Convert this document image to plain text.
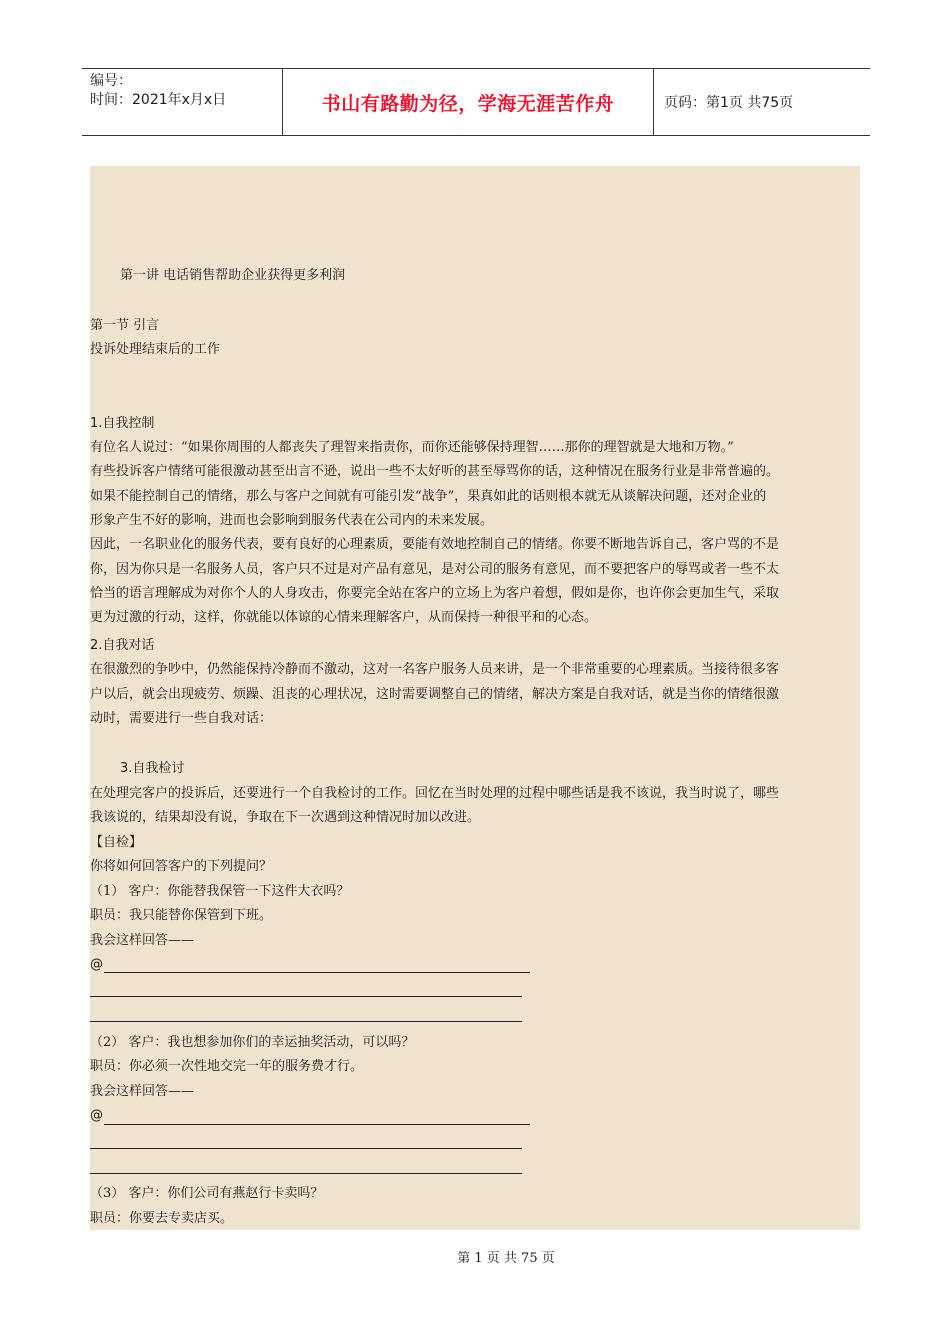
编号：
时间：2021年x月x日	书山有路勤为径，学海无涯苦作舟	页码：第1页 共75页
第一讲 电话销售帮助企业获得更多利润
第一节 引言
投诉处理结束后的工作
1.自我控制
有位名人说过：“如果你周围的人都丧失了理智来指责你，而你还能够保持理智……那你的理智就是大地和万物。”
有些投诉客户情绪可能很激动甚至出言不逊，说出一些不太好听的甚至辱骂你的话，这种情况在服务行业是非常普遍的。
如果不能控制自己的情绪，那么与客户之间就有可能引发“战争”，果真如此的话则根本就无从谈解决问题，还对企业的
形象产生不好的影响，进而也会影响到服务代表在公司内的未来发展。
因此，一名职业化的服务代表，要有良好的心理素质，要能有效地控制自己的情绪。你要不断地告诉自己，客户骂的不是
你，因为你只是一名服务人员，客户只不过是对产品有意见，是对公司的服务有意见，而不要把客户的辱骂或者一些不太
恰当的语言理解成为对你个人的人身攻击，你要完全站在客户的立场上为客户着想，假如是你，也许你会更加生气，采取
更为过激的行动，这样，你就能以体谅的心情来理解客户，从而保持一种很平和的心态。
2.自我对话
在很激烈的争吵中，仍然能保持冷静而不激动，这对一名客户服务人员来讲，是一个非常重要的心理素质。当接待很多客
户以后，就会出现疲劳、烦躁、沮丧的心理状况，这时需要调整自己的情绪，解决方案是自我对话，就是当你的情绪很激
动时，需要进行一些自我对话：
3.自我检讨
在处理完客户的投诉后，还要进行一个自我检讨的工作。回忆在当时处理的过程中哪些话是我不该说，我当时说了，哪些
我该说的，结果却没有说，争取在下一次遇到这种情况时加以改进。
【自检】
你将如何回答客户的下列提问？
（1） 客户：你能替我保管一下这件大衣吗？
职员：我只能替你保管到下班。
我会这样回答——
@
（2） 客户：我也想参加你们的幸运抽奖活动，可以吗？
职员：你必须一次性地交完一年的服务费才行。
我会这样回答——
@
（3） 客户：你们公司有燕赵行卡卖吗？
职员：你要去专卖店买。
第 1 页 共 75 页
